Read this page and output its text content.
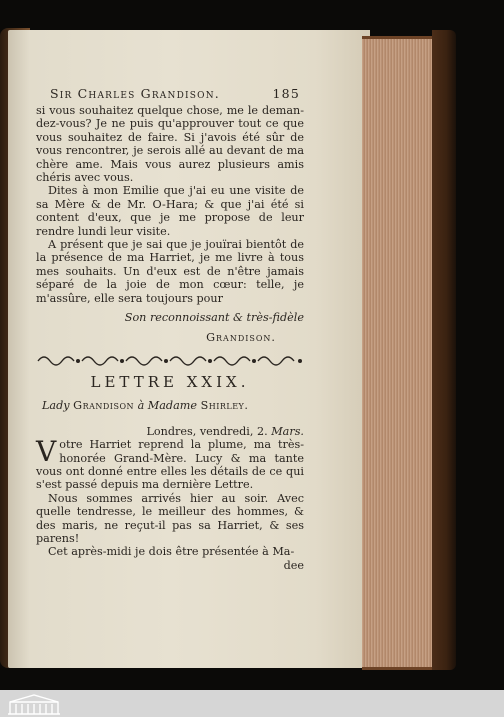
Sir Charles Grandison.	185

si vous souhaitez quelque chose, me le deman-dez-vous? Je ne puis qu'approuver tout ce que vous souhaitez de faire. Si j'avois été sûr de vous rencontrer, je serois allé au devant de ma chère ame. Mais vous aurez plusieurs amis chéris avec vous.

Dites à mon Emilie que j'ai eu une visite de sa Mère & de Mr. O-Hara; & que j'ai été si content d'eux, que je me propose de leur rendre lundi leur visite.

A présent que je sai que je jouïrai bientôt de la présence de ma Harriet, je me livre à tous mes souhaits. Un d'eux est de n'être jamais séparé de la joie de mon cœur: telle, je m'assûre, elle sera toujours pour

Son reconnoissant & très-fidèle
Grandison.
LETTRE XXIX.
Lady Grandison à Madame Shirley.
Londres, vendredi, 2. Mars.

Votre Harriet reprend la plume, ma très-honorée Grand-Mère. Lucy & ma tante vous ont donné entre elles les détails de ce qui s'est passé depuis ma dernière Lettre.

Nous sommes arrivés hier au soir. Avec quelle tendresse, le meilleur des hommes, & des maris, ne reçut-il pas sa Harriet, & ses parens!

Cet après-midi je dois être présentée à Ma-

dee
